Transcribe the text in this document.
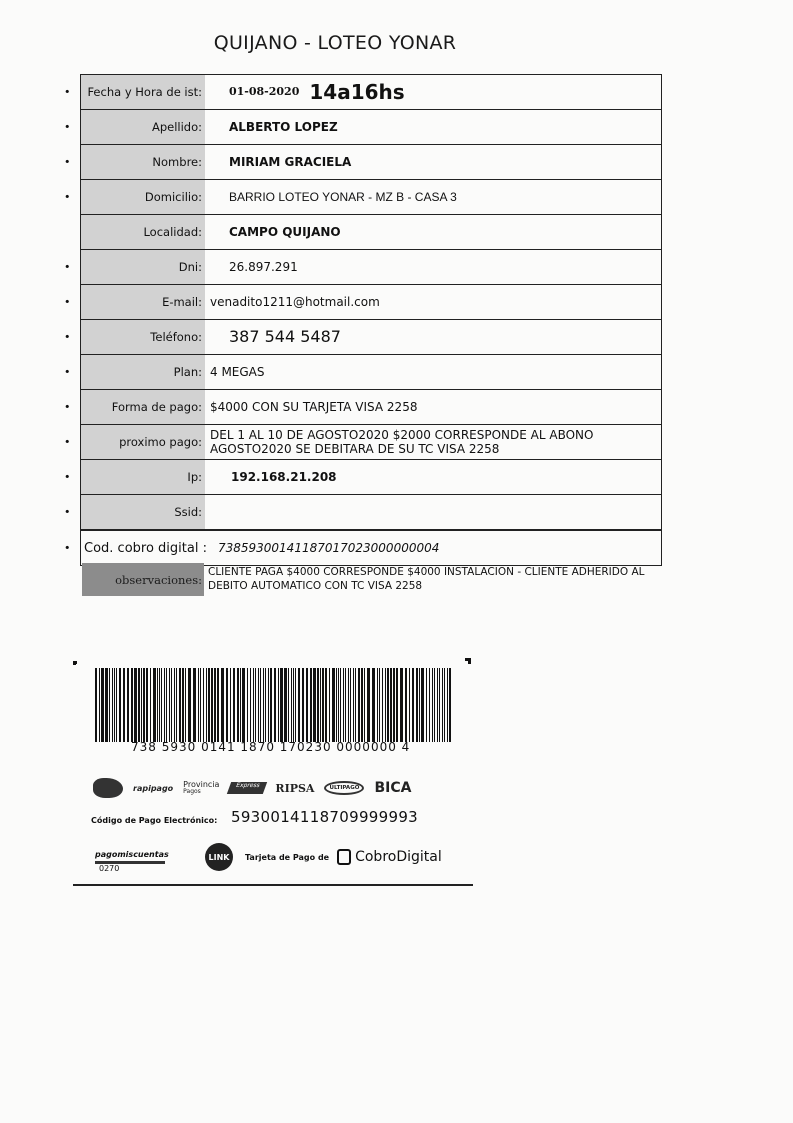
QUIJANO - LOTEO YONAR
•	Fecha y Hora de ist: 01-08-2020 14a16hs
•	Apellido:	ALBERTO LOPEZ
•	Nombre:	MIRIAM GRACIELA
•	Domicilio:	BARRIO LOTEO YONAR - MZ B - CASA 3
Localidad:	CAMPO QUIJANO
•	Dni:	26.897.291
•	E-mail: venadito1211@hotmail.com
•	Teléfono:	387 544 5487
•	Plan: 4 MEGAS
•	Forma de pago: $4000 CON SU TARJETA VISA 2258
•	proximo pago:
DEL 1 AL 10 DE AGOSTO2020 $2000 CORRESPONDE AL ABONO
AGOSTO2020 SE DEBITARA DE SU TC VISA 2258
•	Ip:	192.168.21.208
•	Ssid:
• Cod. cobro digital : 7385930014118701702300000000​4
observaciones:
CLIENTE PAGA $4000 CORRESPONDE $4000 INSTALACION - CLIENTE ADHERIDO AL
DEBITO AUTOMATICO CON TC VISA 2258
738 5930 0141 1870 170230 0000000 4
rapipago Provincia
Pagos
Express	RIPSA	ULTIPAGO	BICA
Código de Pago Electrónico: 5930014118709999993
pagomiscuentas	LINK	Tarjeta de Pago de CobroDigital
0270
